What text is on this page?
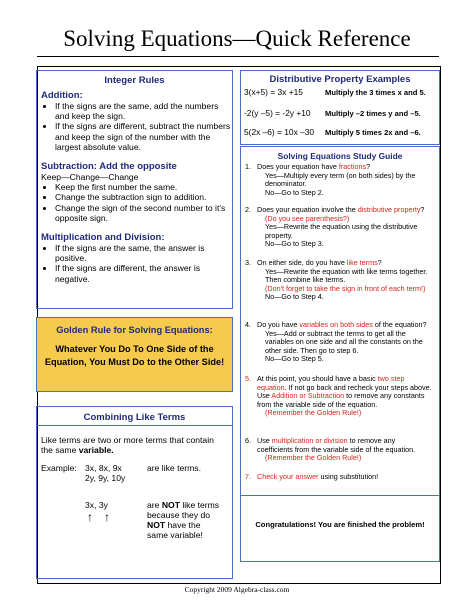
Solving Equations—Quick Reference
Integer Rules
Addition:
• If the signs are the same, add the numbers and keep the sign.
• If the signs are different, subtract the numbers and keep the sign of the number with the largest absolute value.
Subtraction: Add the opposite
Keep—Change—Change
• Keep the first number the same.
• Change the subtraction sign to addition.
• Change the sign of the second number to it's opposite sign.
Multiplication and Division:
• If the signs are the same, the answer is positive.
• If the signs are different, the answer is negative.
Golden Rule for Solving Equations:
Whatever You Do To One Side of the Equation, You Must Do to the Other Side!
Combining Like Terms
Like terms are two or more terms that contain the same variable.
Example: 3x, 8x, 9x
2y, 9y, 10y
are like terms.
3x, 3y
↑ ↑
are NOT like terms
because they do
NOT have the
same variable!
Distributive Property Examples
3(x+5) = 3x +15	Multiply the 3 times x and 5.
-2(y –5) = -2y +10 Multiply –2 times y and –5.
5(2x –6) = 10x –30 Multiply 5 times 2x and –6.
Solving Equations Study Guide
1. Does your equation have fractions?
Yes—Multiply every term (on both sides) by the denominator.
No—Go to Step 2.
2. Does your equation involve the distributive property?
(Do you see parenthesis?)
Yes—Rewrite the equation using the distributive property.
No—Go to Step 3.
3. On either side, do you have like terms?
Yes—Rewrite the equation with like terms together. Then combine like terms.
(Don't forget to take the sign in front of each term!)
No—Go to Step 4.
4. Do you have variables on both sides of the equation?
Yes—Add or subtract the terms to get all the variables on one side and all the constants on the other side. Then go to step 6.
No—Go to Step 5.
5. At this point, you should have a basic two step equation. If not go back and recheck your steps above.
Use Addition or Subtraction to remove any constants from the variable side of the equation.
(Remember the Golden Rule!)
6. Use multiplication or division to remove any coefficients from the variable side of the equation.
(Remember the Golden Rule!)
7. Check your answer using substitution!
Congratulations! You are finished the problem!
Copyright 2009 Algebra-class.com
